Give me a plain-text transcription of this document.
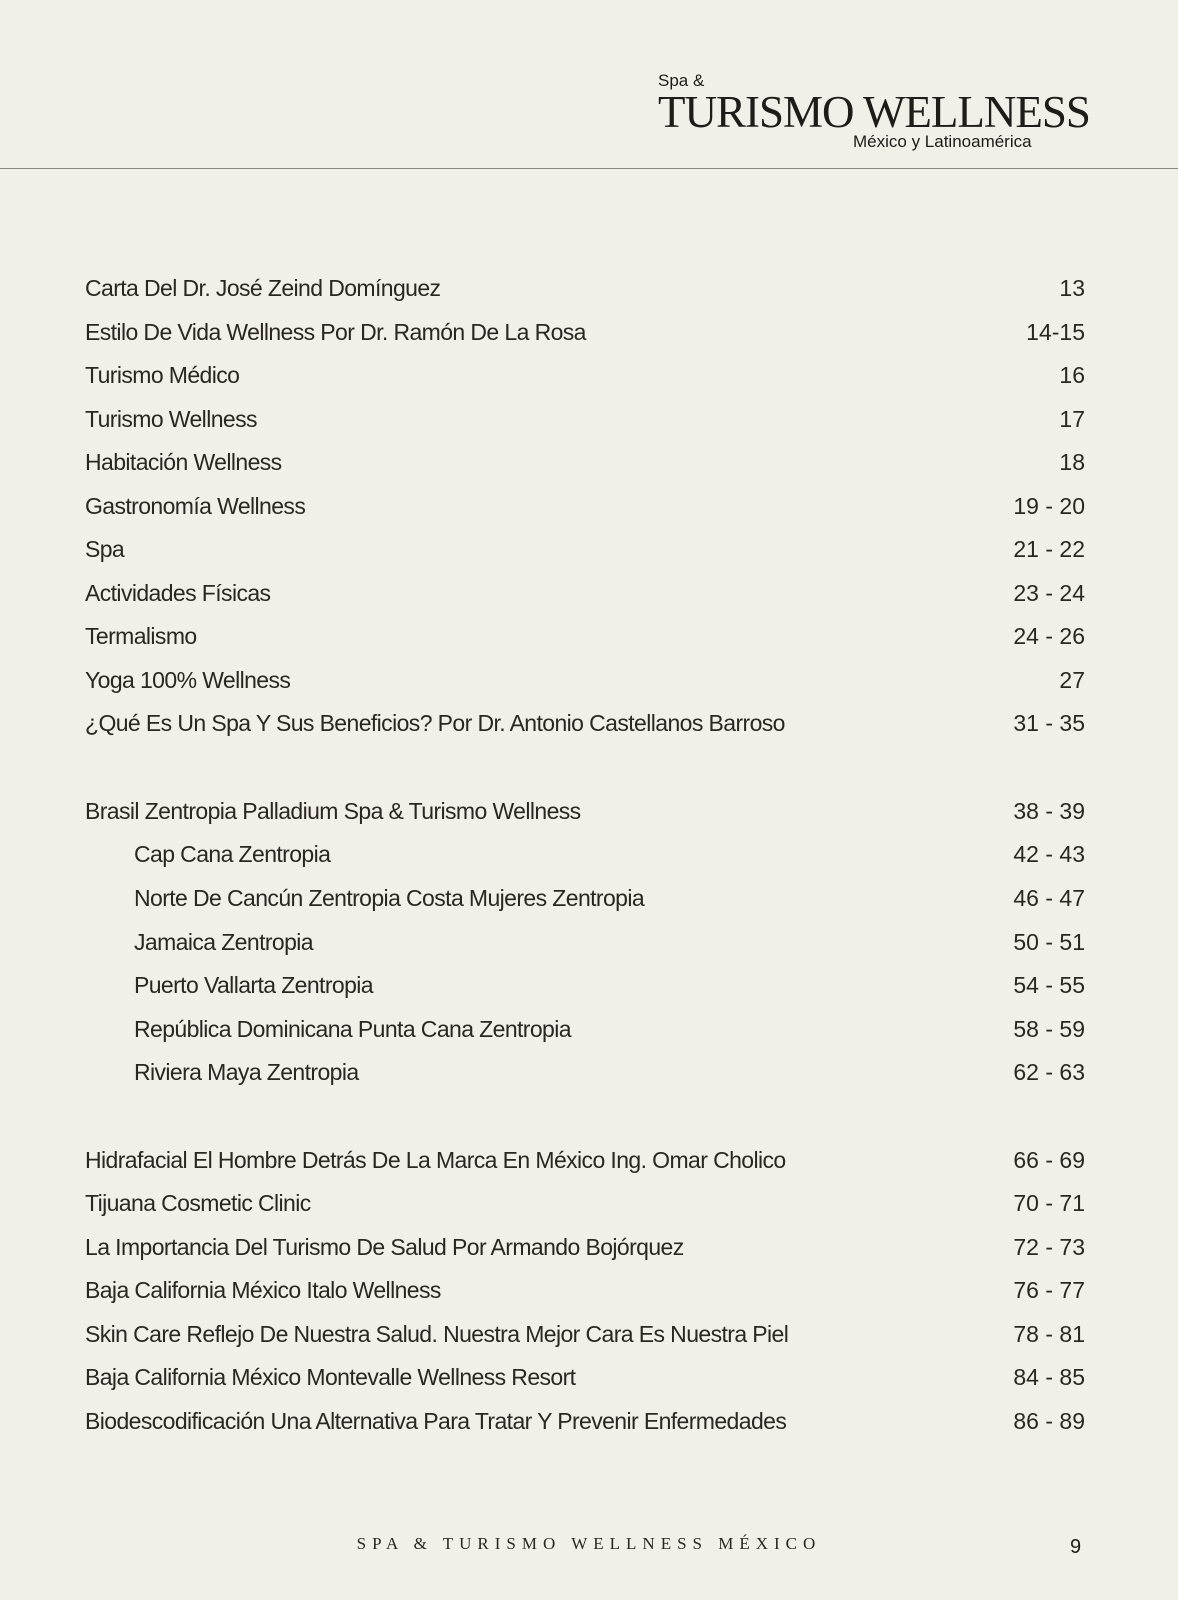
Spa &
TURISMO WELLNESS
México y Latinoamérica
Carta Del Dr. José Zeind Domínguez	13
Estilo De Vida Wellness Por Dr. Ramón De La Rosa	14-15
Turismo Médico	16
Turismo Wellness	17
Habitación Wellness	18
Gastronomía Wellness	19 - 20
Spa	21 - 22
Actividades Físicas	23 - 24
Termalismo	24 - 26
Yoga 100% Wellness	27
¿Qué Es Un Spa Y Sus Beneficios? Por Dr. Antonio Castellanos Barroso	31 - 35
Brasil Zentropia Palladium Spa & Turismo Wellness	38 - 39
Cap Cana Zentropia	42 - 43
Norte De Cancún Zentropia Costa Mujeres Zentropia	46 - 47
Jamaica Zentropia	50 - 51
Puerto Vallarta Zentropia	54 - 55
República Dominicana Punta Cana Zentropia	58 - 59
Riviera Maya Zentropia	62 - 63
Hidrafacial El Hombre Detrás De La Marca En México Ing. Omar Cholico	66 - 69
Tijuana Cosmetic Clinic	70 - 71
La Importancia Del Turismo De Salud Por Armando Bojórquez	72 - 73
Baja California México Italo Wellness	76 - 77
Skin Care Reflejo De Nuestra Salud. Nuestra Mejor Cara Es Nuestra Piel	78 - 81
Baja California México Montevalle Wellness Resort	84 - 85
Biodescodificación Una Alternativa Para Tratar Y Prevenir Enfermedades	86 - 89
SPA & TURISMO WELLNESS MÉXICO	9
